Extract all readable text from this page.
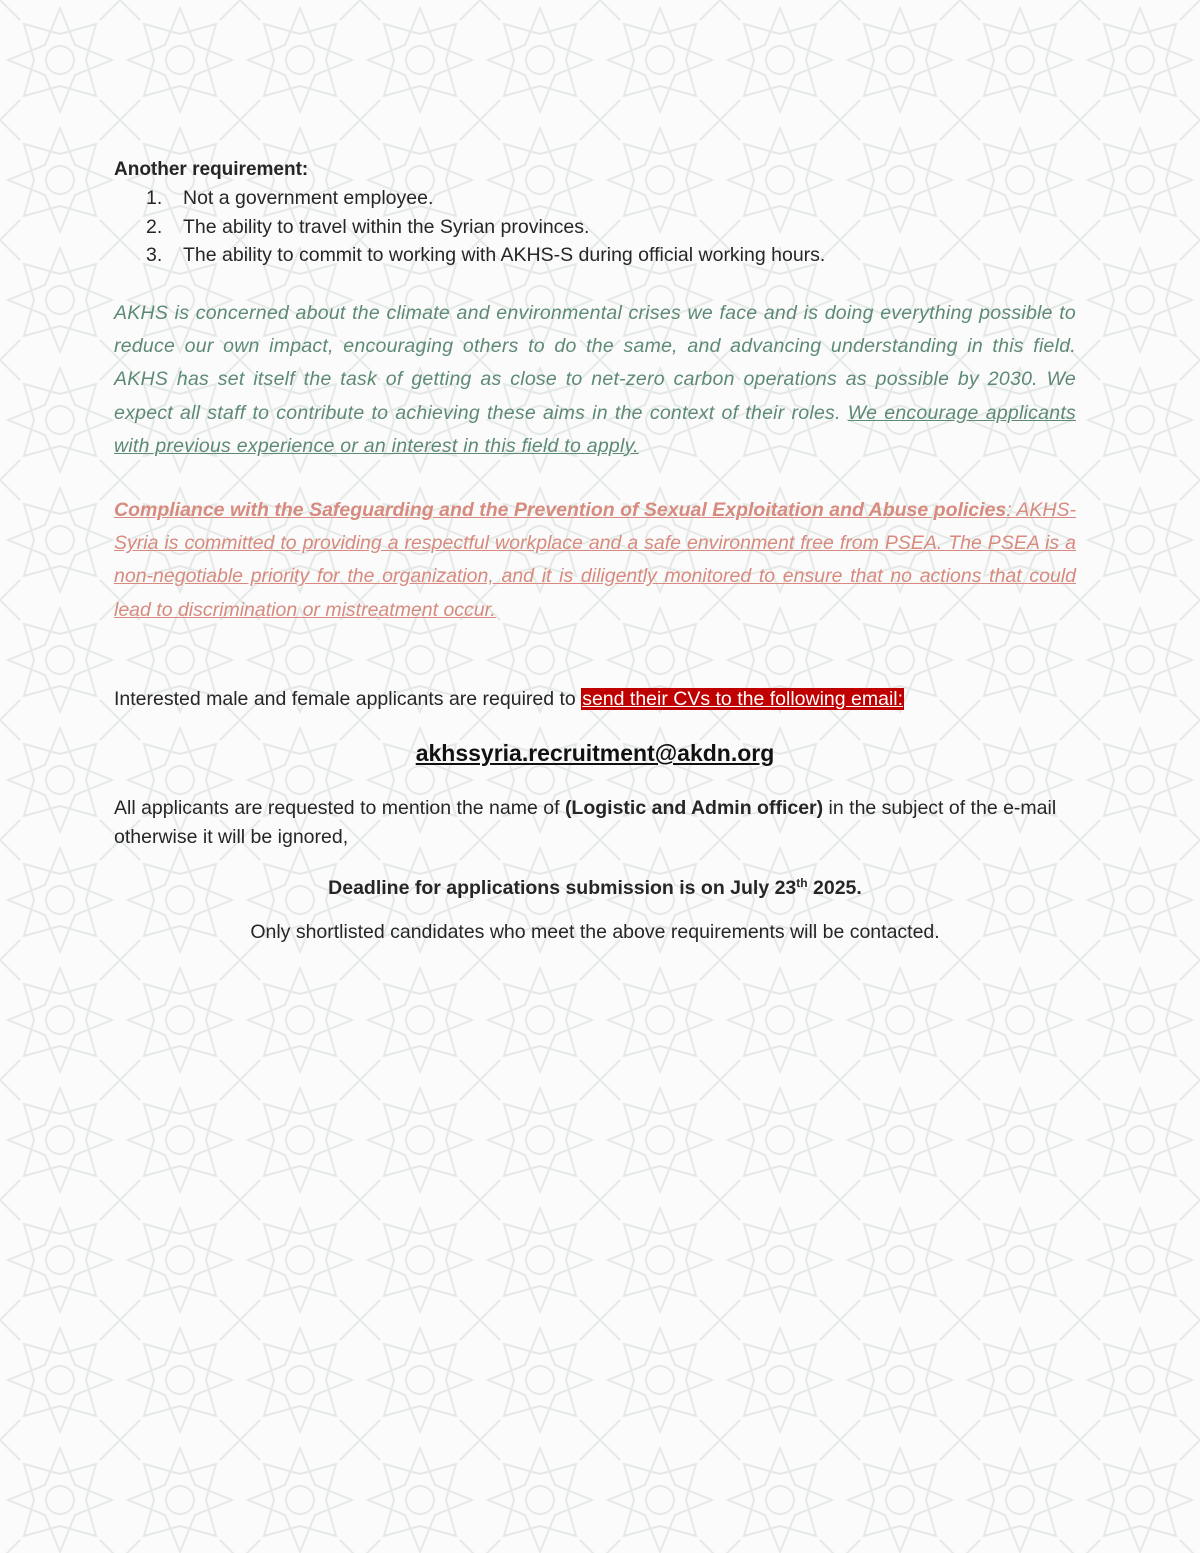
Another requirement:
1. Not a government employee.
2. The ability to travel within the Syrian provinces.
3. The ability to commit to working with AKHS-S during official working hours.
AKHS is concerned about the climate and environmental crises we face and is doing everything possible to reduce our own impact, encouraging others to do the same, and advancing understanding in this field. AKHS has set itself the task of getting as close to net-zero carbon operations as possible by 2030. We expect all staff to contribute to achieving these aims in the context of their roles. We encourage applicants with previous experience or an interest in this field to apply.
Compliance with the Safeguarding and the Prevention of Sexual Exploitation and Abuse policies: AKHS-Syria is committed to providing a respectful workplace and a safe environment free from PSEA. The PSEA is a non-negotiable priority for the organization, and it is diligently monitored to ensure that no actions that could lead to discrimination or mistreatment occur.
Interested male and female applicants are required to send their CVs to the following email:
akhssyria.recruitment@akdn.org
All applicants are requested to mention the name of (Logistic and Admin officer) in the subject of the e-mail otherwise it will be ignored,
Deadline for applications submission is on July 23th 2025.
Only shortlisted candidates who meet the above requirements will be contacted.
